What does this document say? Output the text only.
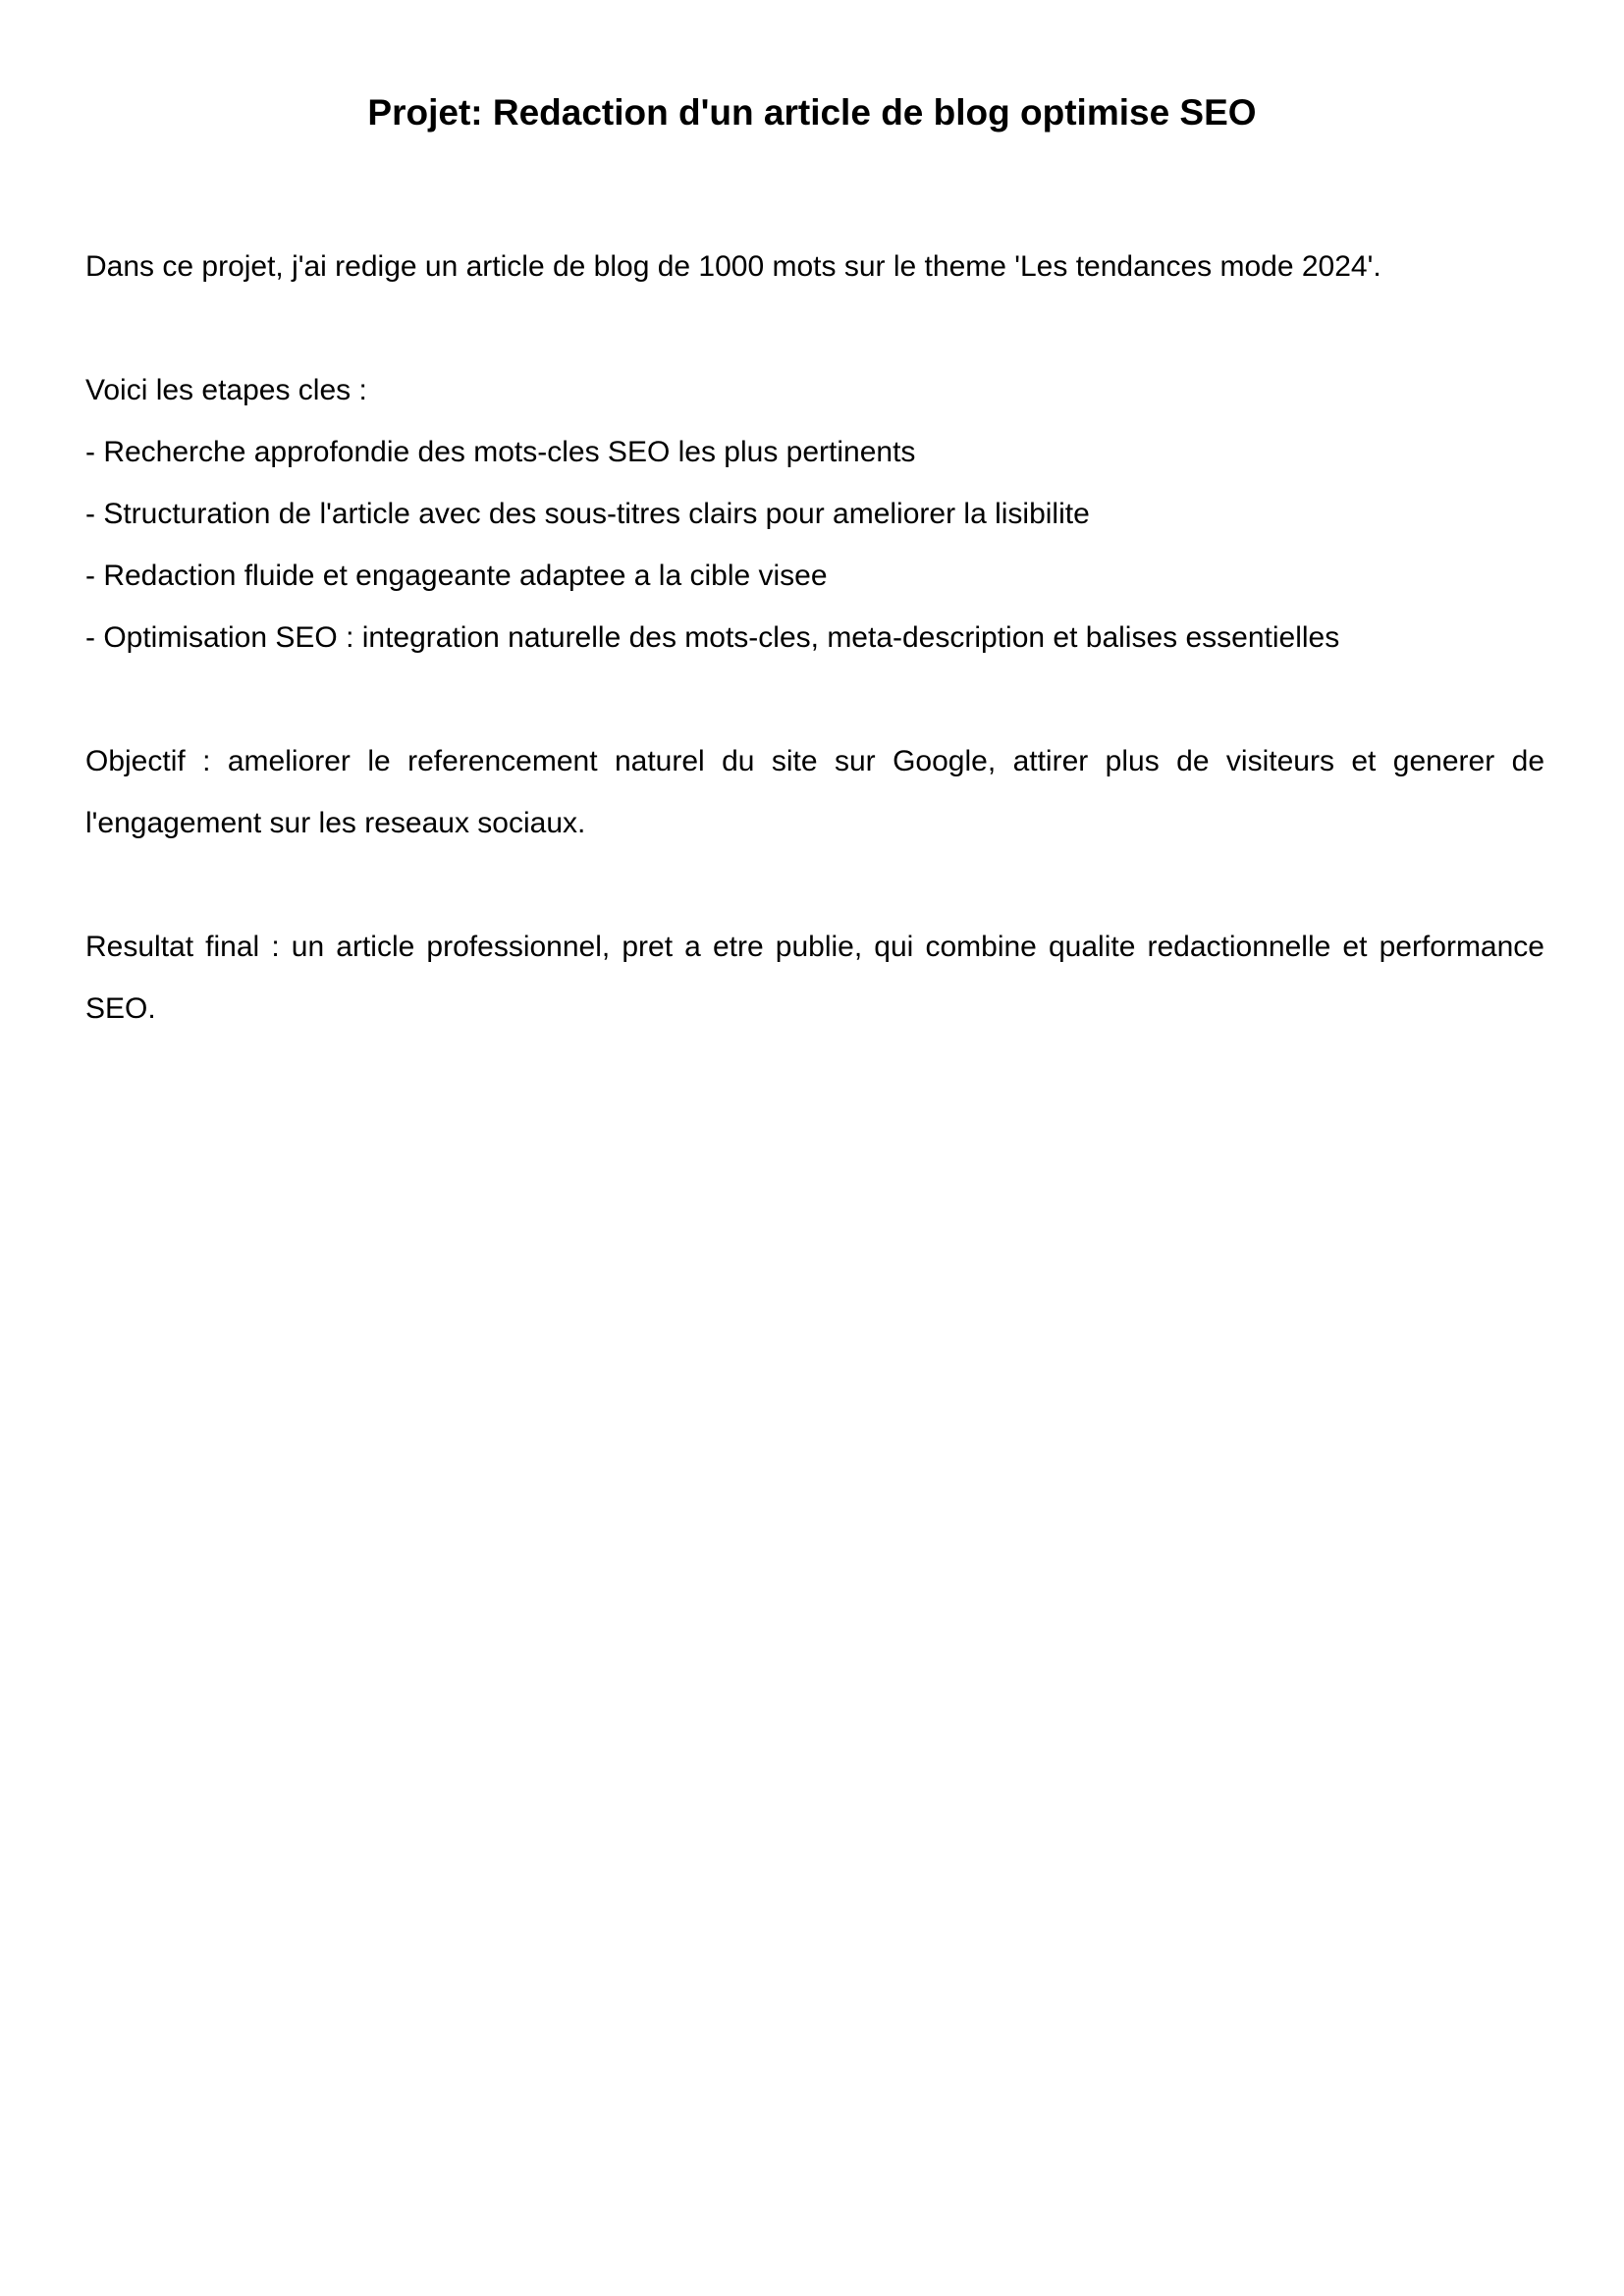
Projet: Redaction d'un article de blog optimise SEO

Dans ce projet, j'ai redige un article de blog de 1000 mots sur le theme 'Les tendances mode 2024'.

Voici les etapes cles :

- Recherche approfondie des mots-cles SEO les plus pertinents

- Structuration de l'article avec des sous-titres clairs pour ameliorer la lisibilite

- Redaction fluide et engageante adaptee a la cible visee

- Optimisation SEO : integration naturelle des mots-cles, meta-description et balises essentielles

Objectif : ameliorer le referencement naturel du site sur Google, attirer plus de visiteurs et generer de l'engagement sur les reseaux sociaux.

Resultat final : un article professionnel, pret a etre publie, qui combine qualite redactionnelle et performance SEO.
